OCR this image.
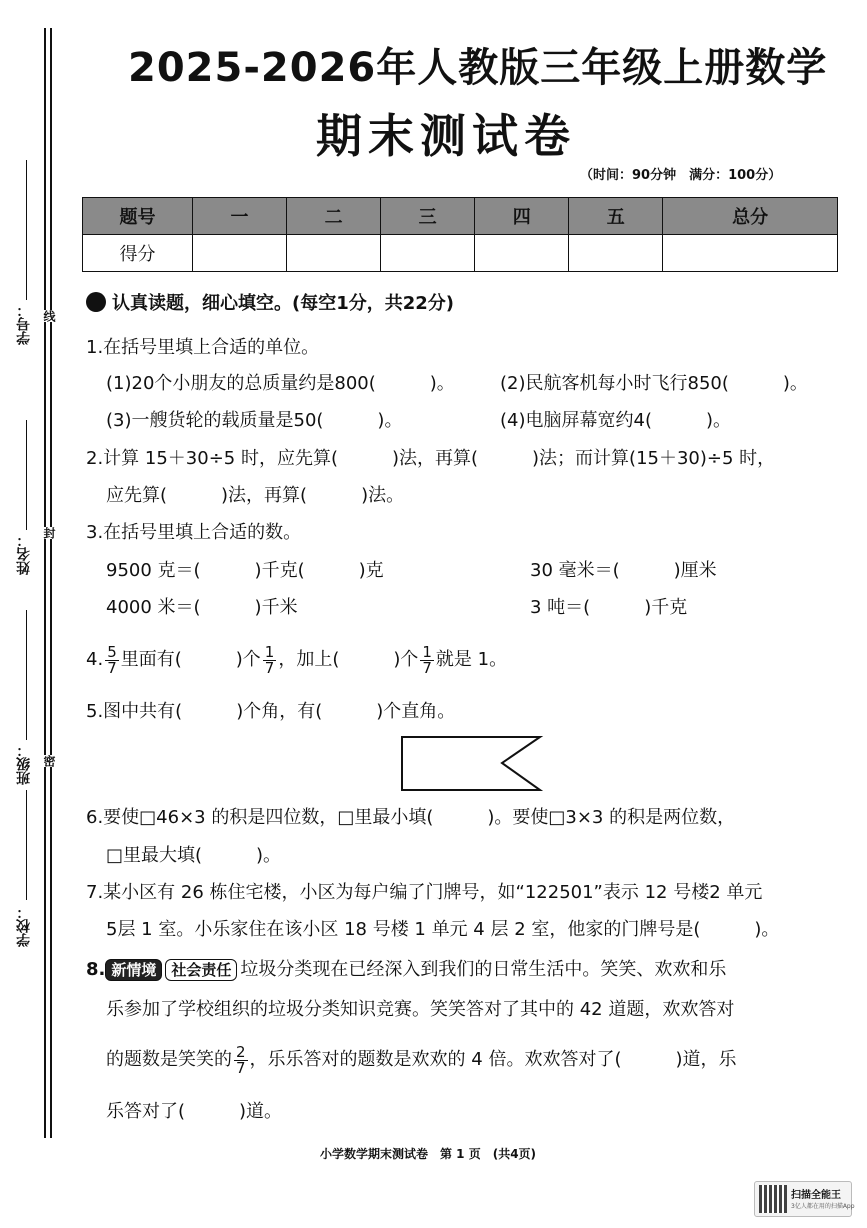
学号：
姓名：
班级：
学校：
线
封
密
2025-2026年人教版三年级上册数学
期末测试卷
（时间：90分钟　满分：100分）
题号	一	二	三	四	五	总分
得分						
认真读题，细心填空。(每空1分，共22分)
1.在括号里填上合适的单位。
(1)20个小朋友的总质量约是800(　　　)。	(2)民航客机每小时飞行850(　　　)。
(3)一艘货轮的载质量是50(　　　)。	(4)电脑屏幕宽约4(　　　)。
2.计算 15＋30÷5 时，应先算(　　　)法，再算(　　　)法；而计算(15＋30)÷5 时，
应先算(　　　)法，再算(　　　)法。
3.在括号里填上合适的数。
9500 克＝(　　　)千克(　　　)克	30 毫米＝(　　　)厘米
4000 米＝(　　　)千米	3 吨＝(　　　)千克
4. $\frac{5}{7}$ 里面有(　　　)个 $\frac{1}{7}$ ，加上(　　　)个 $\frac{1}{7}$ 就是 1。
5.图中共有(　　　)个角，有(　　　)个直角。
6.要使□46×3 的积是四位数，□里最小填(　　　)。要使□3×3 的积是两位数，
□里最大填(　　　)。
7.某小区有 26 栋住宅楼，小区为每户编了门牌号，如“122501”表示 12 号楼2 单元
5层 1 室。小乐家住在该小区 18 号楼 1 单元 4 层 2 室，他家的门牌号是(　　　)。
8. 新情境 社会责任 垃圾分类现在已经深入到我们的日常生活中。笑笑、欢欢和乐
乐参加了学校组织的垃圾分类知识竞赛。笑笑答对了其中的 42 道题，欢欢答对
的题数是笑笑的 $\frac{2}{7}$ ，乐乐答对的题数是欢欢的 4 倍。欢欢答对了(　　　)道，乐
乐答对了(　　　)道。
小学数学期末测试卷　第 1 页　(共4页)
扫描全能王
3亿人都在用的扫描App
